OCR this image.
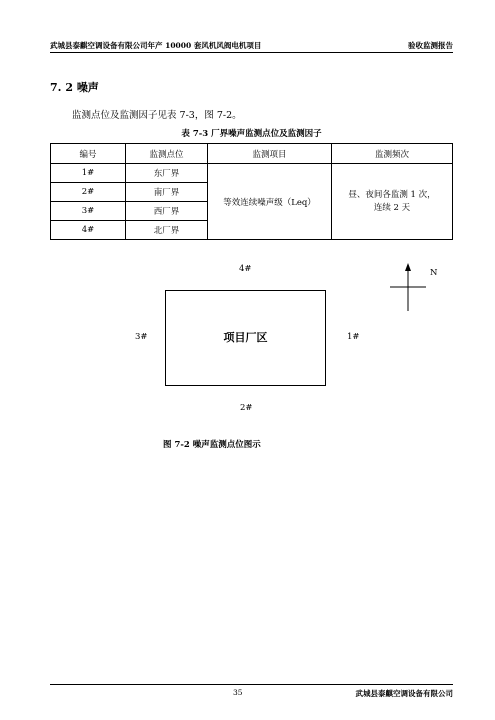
武城县泰麒空调设备有限公司年产 10000 套风机风阀电机项目	验收监测报告
7. 2 噪声
监测点位及监测因子见表 7-3，图 7-2。
表 7-3 厂界噪声监测点位及监测因子
编号	监测点位	监测项目	监测频次
1#	东厂界	等效连续噪声级（Leq）	昼、夜间各监测 1 次，
连续 2 天

2#	南厂界		
3#	西厂界		
4#	北厂界		
4#
3#	1#
2#
项目厂区
N
图 7-2 噪声监测点位图示
35	武城县泰麒空调设备有限公司
